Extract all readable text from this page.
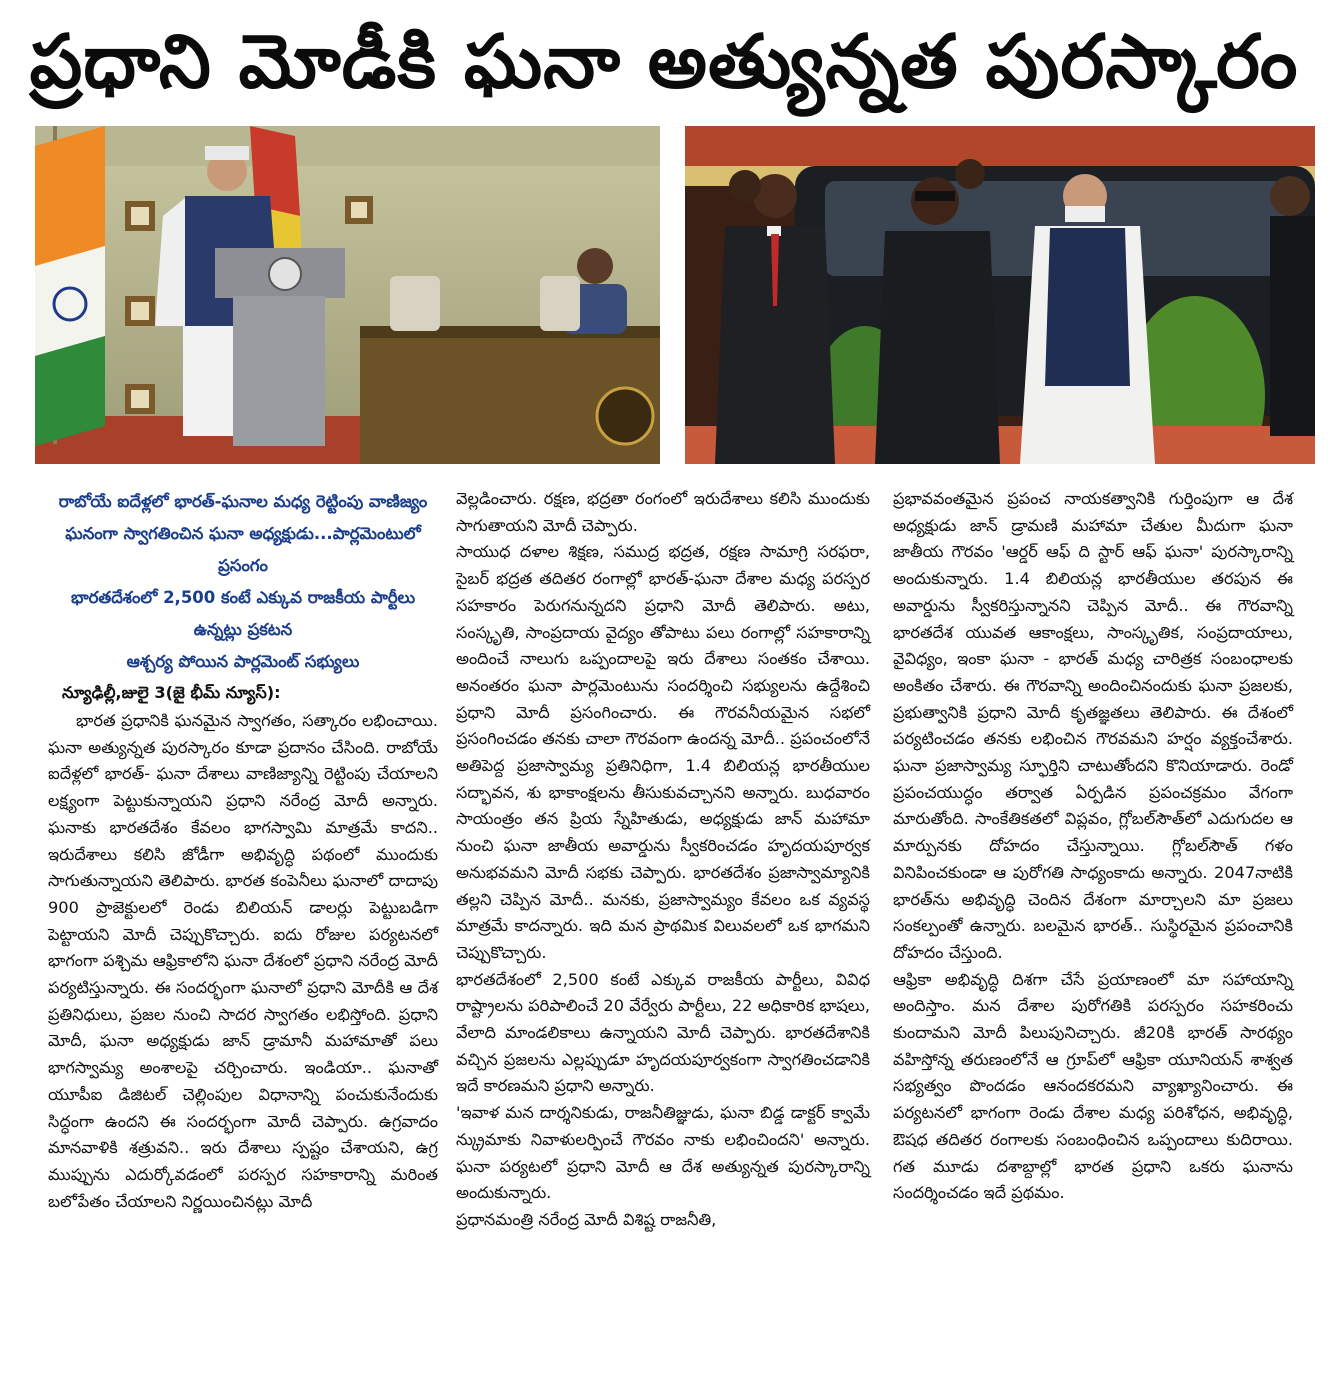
ప్రధాని మోడీకి ఘనా అత్యున్నత పురస్కారం
రాబోయే ఐదేళ్లలో భారత్-ఘనాల మధ్య రెట్టింపు వాణిజ్యం
ఘనంగా స్వాగతించిన ఘనా అధ్యక్షుడు...పార్లమెంటులో ప్రసంగం
భారతదేశంలో 2,500 కంటే ఎక్కువ రాజకీయ పార్టీలు ఉన్నట్లు ప్రకటన
ఆశ్చర్య పోయిన పార్లమెంట్ సభ్యులు
న్యూఢిల్లీ,జులై 3(జై భీమ్ న్యూస్):

భారత ప్రధానికి ఘనమైన స్వాగతం, సత్కారం లభించాయి. ఘనా అత్యున్నత పురస్కారం కూడా ప్రదానం చేసింది. రాబోయే ఐదేళ్లలో భారత్- ఘనా దేశాలు వాణిజ్యాన్ని రెట్టింపు చేయాలని లక్ష్యంగా పెట్టుకున్నాయని ప్రధాని నరేంద్ర మోదీ అన్నారు. ఘనాకు భారతదేశం కేవలం భాగస్వామి మాత్రమే కాదని.. ఇరుదేశాలు కలిసి జోడీగా అభివృద్ధి పథంలో ముందుకు సాగుతున్నాయని తెలిపారు. భారత కంపెనీలు ఘనాలో దాదాపు 900 ప్రాజెక్టులలో రెండు బిలియన్ డాలర్లు పెట్టుబడిగా పెట్టాయని మోదీ చెప్పుకొచ్చారు. ఐదు రోజుల పర్యటనలో భాగంగా పశ్చిమ ఆఫ్రికాలోని ఘనా దేశంలో ప్రధాని నరేంద్ర మోదీ పర్యటిస్తున్నారు. ఈ సందర్భంగా ఘనాలో ప్రధాని మోదీకి ఆ దేశ ప్రతినిధులు, ప్రజల నుంచి సాదర స్వాగతం లభిస్తోంది. ప్రధాని మోదీ, ఘనా అధ్యక్షుడు జాన్ డ్రామానీ మహామాతో పలు భాగస్వామ్య అంశాలపై చర్చించారు. ఇండియా.. ఘనాతో యూపీఐ డిజిటల్ చెల్లింపుల విధానాన్ని పంచుకునేందుకు సిద్ధంగా ఉందని ఈ సందర్భంగా మోదీ చెప్పారు. ఉగ్రవాదం మానవాళికి శత్రువని.. ఇరు దేశాలు స్పష్టం చేశాయని, ఉగ్ర ముప్పును ఎదుర్కోవడంలో పరస్పర సహకారాన్ని మరింత బలోపేతం చేయాలని నిర్ణయించినట్లు మోదీ

వెల్లడించారు. రక్షణ, భద్రతా రంగంలో ఇరుదేశాలు కలిసి ముందుకు సాగుతాయని మోదీ చెప్పారు.

సాయుధ దళాల శిక్షణ, సముద్ర భద్రత, రక్షణ సామాగ్రి సరఫరా, సైబర్ భద్రత తదితర రంగాల్లో భారత్-ఘనా దేశాల మధ్య పరస్పర సహకారం పెరుగనున్నదని ప్రధాని మోదీ తెలిపారు. అటు, సంస్కృతి, సాంప్రదాయ వైద్యం తోపాటు పలు రంగాల్లో సహకారాన్ని అందించే నాలుగు ఒప్పందాలపై ఇరు దేశాలు సంతకం చేశాయి. అనంతరం ఘనా పార్లమెంటును సందర్శించి సభ్యులను ఉద్దేశించి ప్రధాని మోదీ ప్రసంగించారు. ఈ గౌరవనీయమైన సభలో ప్రసంగించడం తనకు చాలా గౌరవంగా ఉందన్న మోదీ.. ప్రపంచంలోనే అతిపెద్ద ప్రజాస్వామ్య ప్రతినిధిగా, 1.4 బిలియన్ల భారతీయుల సద్భావన, శు భాకాంక్షలను తీసుకువచ్చానని అన్నారు. బుధవారం సాయంత్రం తన ప్రియ స్నేహితుడు, అధ్యక్షుడు జాన్ మహామా నుంచి ఘనా జాతీయ అవార్డును స్వీకరించడం హృదయపూర్వక అనుభవమని మోదీ సభకు చెప్పారు. భారతదేశం ప్రజాస్వామ్యానికి తల్లని చెప్పిన మోదీ.. మనకు, ప్రజాస్వామ్యం కేవలం ఒక వ్యవస్థ మాత్రమే కాదన్నారు. ఇది మన ప్రాథమిక విలువలలో ఒక భాగమని చెప్పుకొచ్చారు.

భారతదేశంలో 2,500 కంటే ఎక్కువ రాజకీయ పార్టీలు, వివిధ రాష్ట్రాలను పరిపాలించే 20 వేర్వేరు పార్టీలు, 22 అధికారిక భాషలు, వేలాది మాండలికాలు ఉన్నాయని మోదీ చెప్పారు. భారతదేశానికి వచ్చిన ప్రజలను ఎల్లప్పుడూ హృదయపూర్వకంగా స్వాగతించడానికి ఇదే కారణమని ప్రధాని అన్నారు.

'ఇవాళ మన దార్శనికుడు, రాజనీతిజ్ఞుడు, ఘనా బిడ్డ డాక్టర్ క్వామే న్క్రుమాకు నివాళులర్పించే గౌరవం నాకు లభించిందని' అన్నారు. ఘనా పర్యటలో ప్రధాని మోదీ ఆ దేశ అత్యున్నత పురస్కారాన్ని అందుకున్నారు.

ప్రధానమంత్రి నరేంద్ర మోదీ విశిష్ట రాజనీతి,

ప్రభావవంతమైన ప్రపంచ నాయకత్వానికి గుర్తింపుగా ఆ దేశ అధ్యక్షుడు జాన్ డ్రామణి మహామా చేతుల మీదుగా ఘనా జాతీయ గౌరవం 'ఆర్డర్ ఆఫ్ ది స్టార్ ఆఫ్ ఘనా' పురస్కారాన్ని అందుకున్నారు. 1.4 బిలియన్ల భారతీయుల తరపున ఈ అవార్డును స్వీకరిస్తున్నానని చెప్పిన మోదీ.. ఈ గౌరవాన్ని భారతదేశ యువత ఆకాంక్షలు, సాంస్కృతిక, సంప్రదాయాలు, వైవిధ్యం, ఇంకా ఘనా - భారత్ మధ్య చారిత్రక సంబంధాలకు అంకితం చేశారు. ఈ గౌరవాన్ని అందించినందుకు ఘనా ప్రజలకు, ప్రభుత్వానికి ప్రధాని మోదీ కృతజ్ఞతలు తెలిపారు. ఈ దేశంలో పర్యటించడం తనకు లభించిన గౌరవమని హర్షం వ్యక్తంచేశారు. ఘనా ప్రజాస్వామ్య స్ఫూర్తిని చాటుతోందని కొనియాడారు. రెండో ప్రపంచయుద్ధం తర్వాత ఏర్పడిన ప్రపంచక్రమం వేగంగా మారుతోంది. సాంకేతికతలో విప్లవం, గ్లోబల్‌సౌత్‌లో ఎదుగుదల ఆ మార్పునకు దోహదం చేస్తున్నాయి. గ్లోబల్‌సౌత్ గళం వినిపించకుండా ఆ పురోగతి సాధ్యంకాదు అన్నారు. 2047నాటికి భారత్‌ను అభివృద్ధి చెందిన దేశంగా మార్చాలని మా ప్రజలు సంకల్పంతో ఉన్నారు. బలమైన భారత్.. సుస్థిరమైన ప్రపంచానికి దోహదం చేస్తుంది.

ఆఫ్రికా అభివృద్ధి దిశగా చేసే ప్రయాణంలో మా సహాయాన్ని అందిస్తాం. మన దేశాల పురోగతికి పరస్పరం సహకరించు కుందామని మోదీ పిలుపునిచ్చారు. జీ20కి భారత్ సారథ్యం వహిస్తోన్న తరుణంలోనే ఆ గ్రూప్‌లో ఆఫ్రికా యూనియన్ శాశ్వత సభ్యత్వం పొందడం ఆనందకరమని వ్యాఖ్యానించారు. ఈ పర్యటనలో భాగంగా రెండు దేశాల మధ్య పరిశోధన, అభివృద్ధి, ఔషధ తదితర రంగాలకు సంబంధించిన ఒప్పందాలు కుదిరాయి. గత మూడు దశాబ్దాల్లో భారత ప్రధాని ఒకరు ఘనాను సందర్శించడం ఇదే ప్రథమం.
